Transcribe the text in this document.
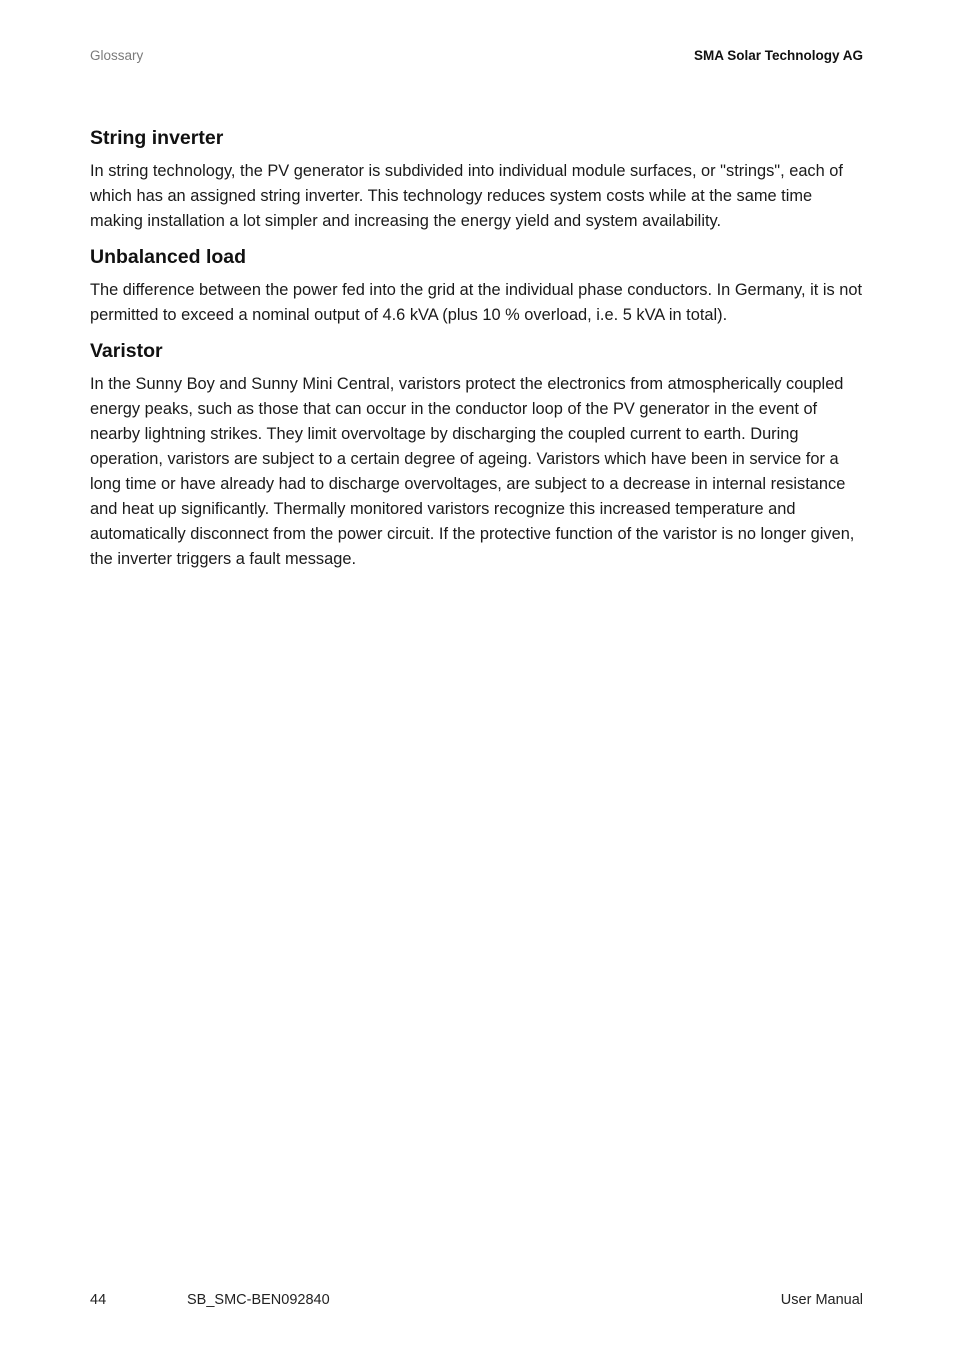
Glossary	SMA Solar Technology AG
String inverter

In string technology, the PV generator is subdivided into individual module surfaces, or "strings", each of which has an assigned string inverter. This technology reduces system costs while at the same time making installation a lot simpler and increasing the energy yield and system availability.

Unbalanced load

The difference between the power fed into the grid at the individual phase conductors. In Germany, it is not permitted to exceed a nominal output of 4.6 kVA (plus 10 % overload, i.e. 5 kVA in total).

Varistor

In the Sunny Boy and Sunny Mini Central, varistors protect the electronics from atmospherically coupled energy peaks, such as those that can occur in the conductor loop of the PV generator in the event of nearby lightning strikes. They limit overvoltage by discharging the coupled current to earth. During operation, varistors are subject to a certain degree of ageing. Varistors which have been in service for a long time or have already had to discharge overvoltages, are subject to a decrease in internal resistance and heat up significantly. Thermally monitored varistors recognize this increased temperature and automatically disconnect from the power circuit. If the protective function of the varistor is no longer given, the inverter triggers a fault message.

44	SB_SMC-BEN092840	User Manual
